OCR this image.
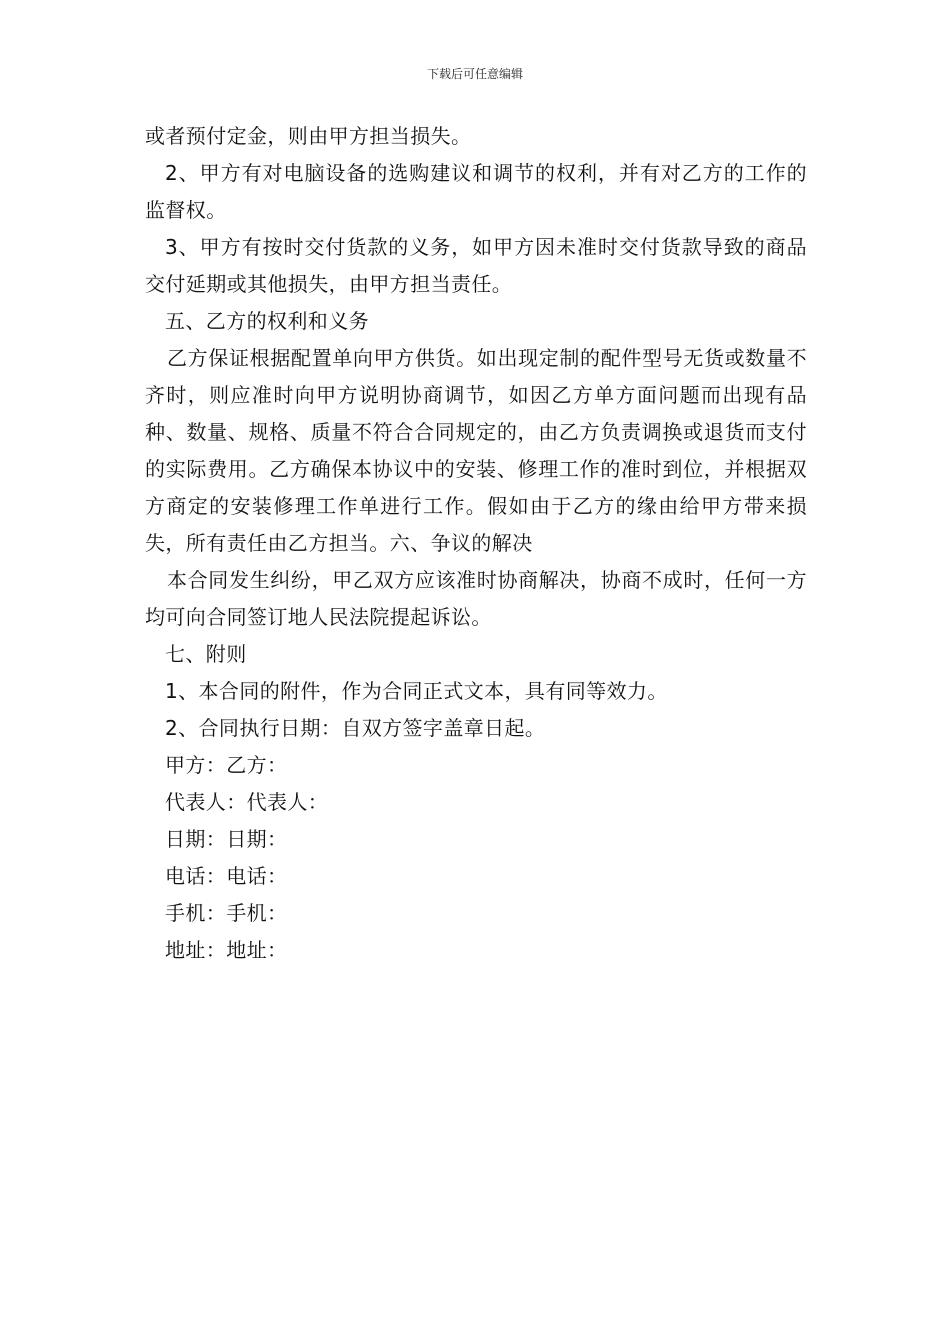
下载后可任意编辑

或者预付定金，则由甲方担当损失。

2、甲方有对电脑设备的选购建议和调节的权利，并有对乙方的工作的监督权。

3、甲方有按时交付货款的义务，如甲方因未准时交付货款导致的商品交付延期或其他损失，由甲方担当责任。

五、乙方的权利和义务

乙方保证根据配置单向甲方供货。如出现定制的配件型号无货或数量不齐时，则应准时向甲方说明协商调节，如因乙方单方面问题而出现有品种、数量、规格、质量不符合合同规定的，由乙方负责调换或退货而支付的实际费用。乙方确保本协议中的安装、修理工作的准时到位，并根据双方商定的安装修理工作单进行工作。假如由于乙方的缘由给甲方带来损失，所有责任由乙方担当。六、争议的解决

本合同发生纠纷，甲乙双方应该准时协商解决，协商不成时，任何一方均可向合同签订地人民法院提起诉讼。

七、附则

1、本合同的附件，作为合同正式文本，具有同等效力。

2、合同执行日期：自双方签字盖章日起。

甲方：乙方：

代表人：代表人：

日期：日期：

电话：电话：

手机：手机：

地址：地址：
